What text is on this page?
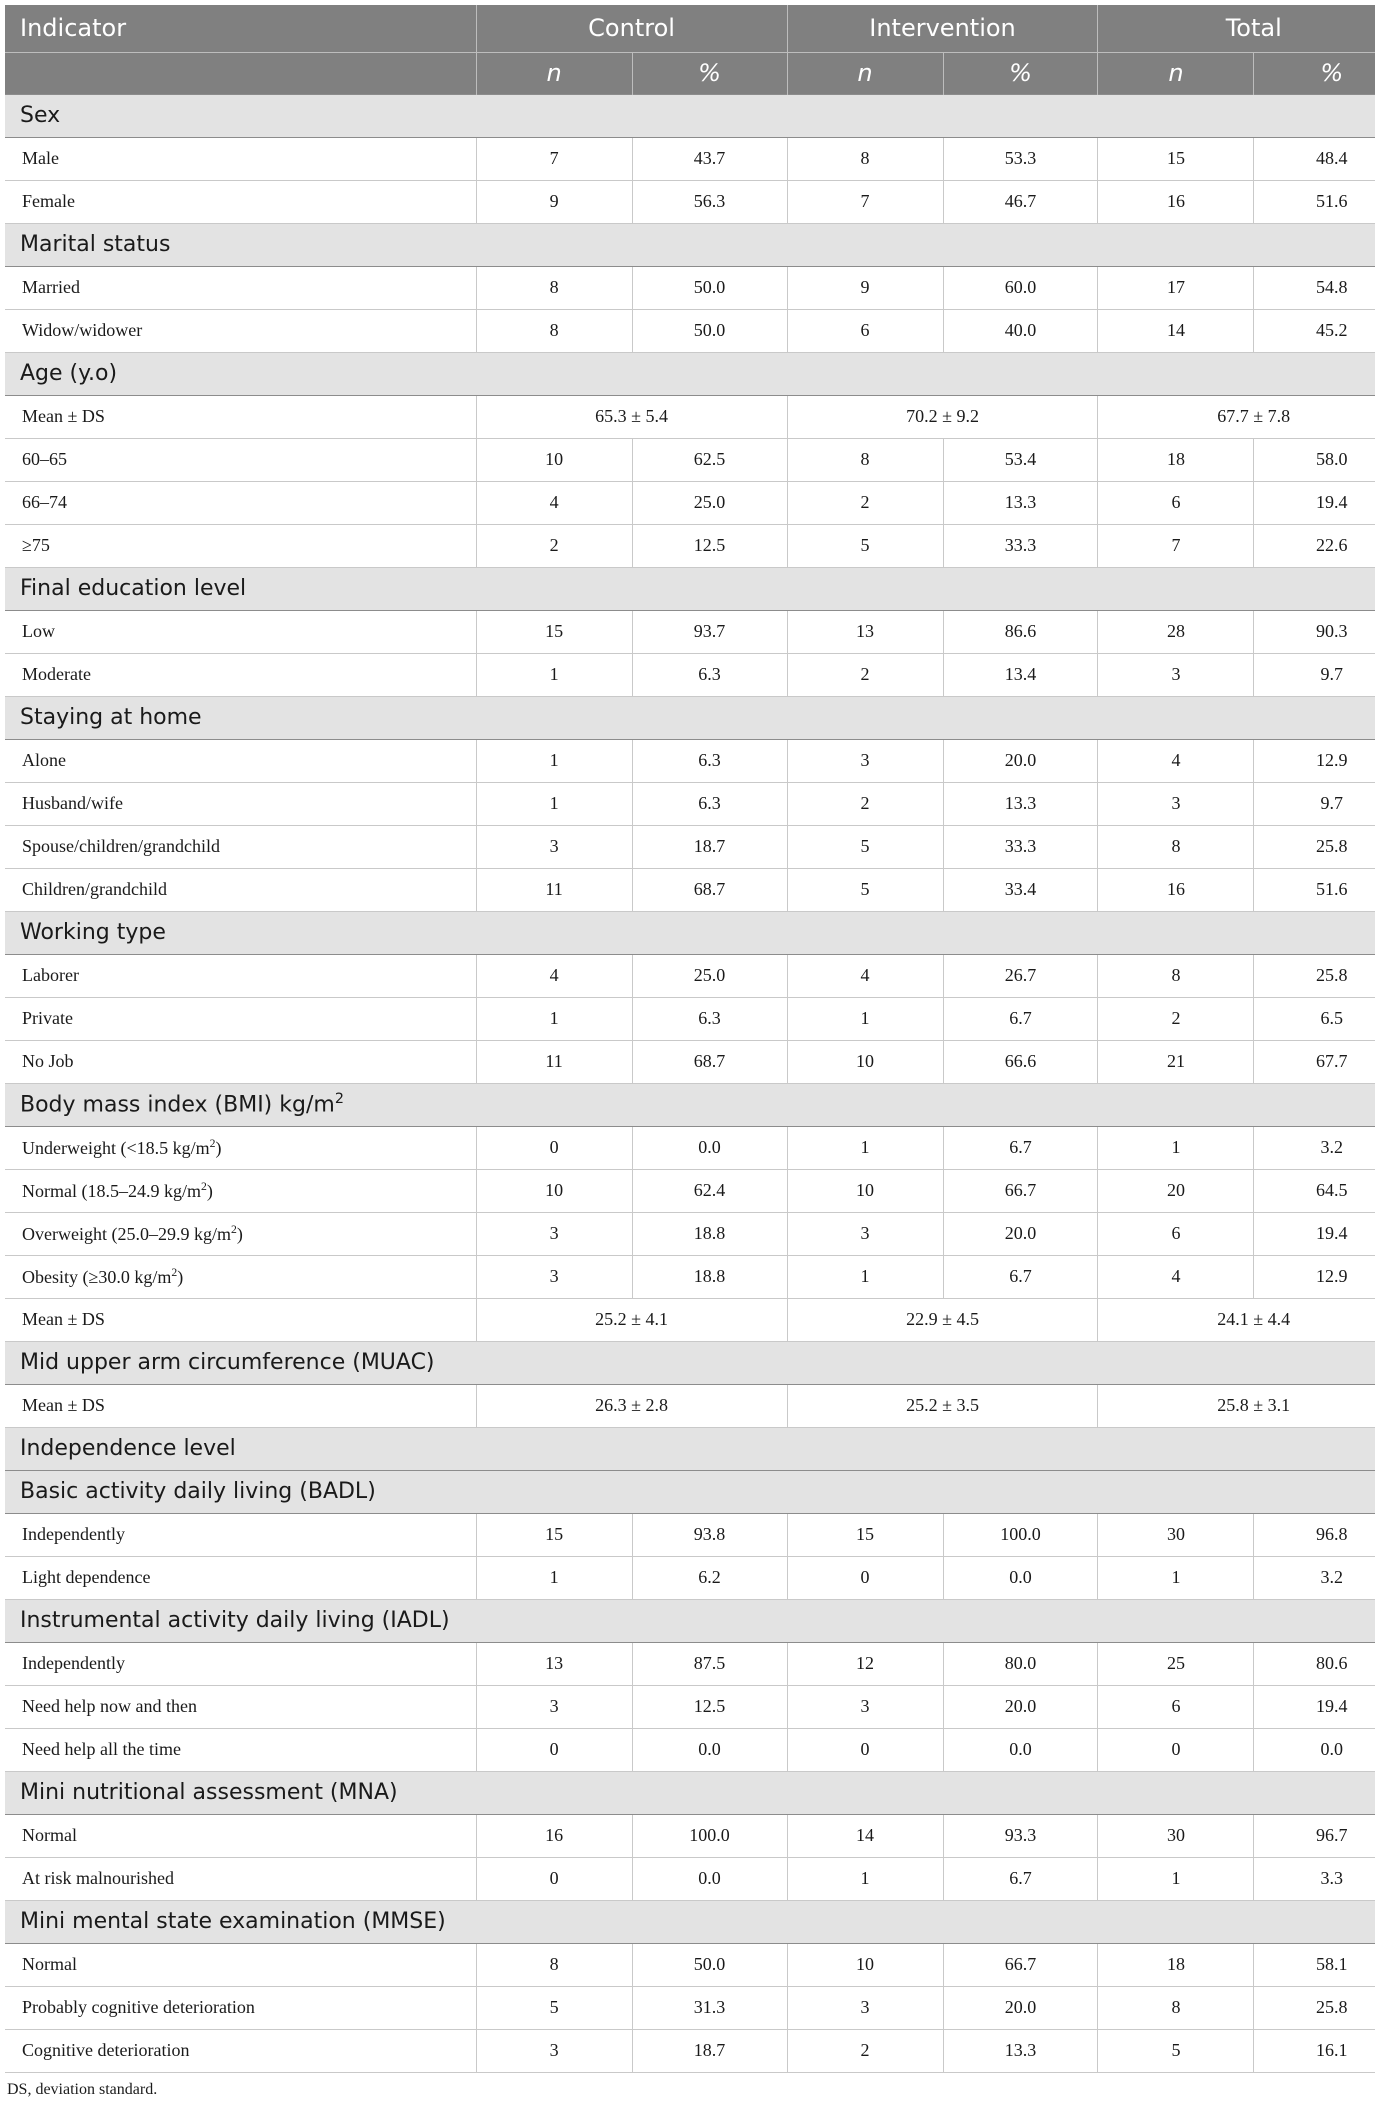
Indicator	Control		Intervention		Total	
	n	%	n	%	n	%
Sex						
Male	7	43.7	8	53.3	15	48.4
Female	9	56.3	7	46.7	16	51.6
Marital status						
Married	8	50.0	9	60.0	17	54.8
Widow/widower	8	50.0	6	40.0	14	45.2
Age (y.o)						
Mean ± DS	65.3 ± 5.4		70.2 ± 9.2		67.7 ± 7.8	
60–65	10	62.5	8	53.4	18	58.0
66–74	4	25.0	2	13.3	6	19.4
≥75	2	12.5	5	33.3	7	22.6
Final education level						
Low	15	93.7	13	86.6	28	90.3
Moderate	1	6.3	2	13.4	3	9.7
Staying at home						
Alone	1	6.3	3	20.0	4	12.9
Husband/wife	1	6.3	2	13.3	3	9.7
Spouse/children/grandchild	3	18.7	5	33.3	8	25.8
Children/grandchild	11	68.7	5	33.4	16	51.6
Working type						
Laborer	4	25.0	4	26.7	8	25.8
Private	1	6.3	1	6.7	2	6.5
No Job	11	68.7	10	66.6	21	67.7
Body mass index (BMI) $kg/m^2$
Underweight (<18.5 $kg/m^2$)	0	0.0	1	6.7	1	3.2
Normal (18.5–24.9 $kg/m^2$)	10	62.4	10	66.7	20	64.5
Overweight (25.0–29.9 $kg/m^2$)	3	18.8	3	20.0	6	19.4
Obesity (≥30.0 $kg/m^2$)	3	18.8	1	6.7	4	12.9
Mean ± DS	25.2 ± 4.1		22.9 ± 4.5		24.1 ± 4.4	
Mid upper arm circumference (MUAC)						
Mean ± DS	26.3 ± 2.8		25.2 ± 3.5		25.8 ± 3.1	
Independence level						
Basic activity daily living (BADL)						
Independently	15	93.8	15	100.0	30	96.8
Light dependence	1	6.2	0	0.0	1	3.2
Instrumental activity daily living (IADL)						
Independently	13	87.5	12	80.0	25	80.6
Need help now and then	3	12.5	3	20.0	6	19.4
Need help all the time	0	0.0	0	0.0	0	0.0
Mini nutritional assessment (MNA)						
Normal	16	100.0	14	93.3	30	96.7
At risk malnourished	0	0.0	1	6.7	1	3.3
Mini mental state examination (MMSE)						
Normal	8	50.0	10	66.7	18	58.1
Probably cognitive deterioration	5	31.3	3	20.0	8	25.8
Cognitive deterioration	3	18.7	2	13.3	5	16.1
DS, deviation standard.
